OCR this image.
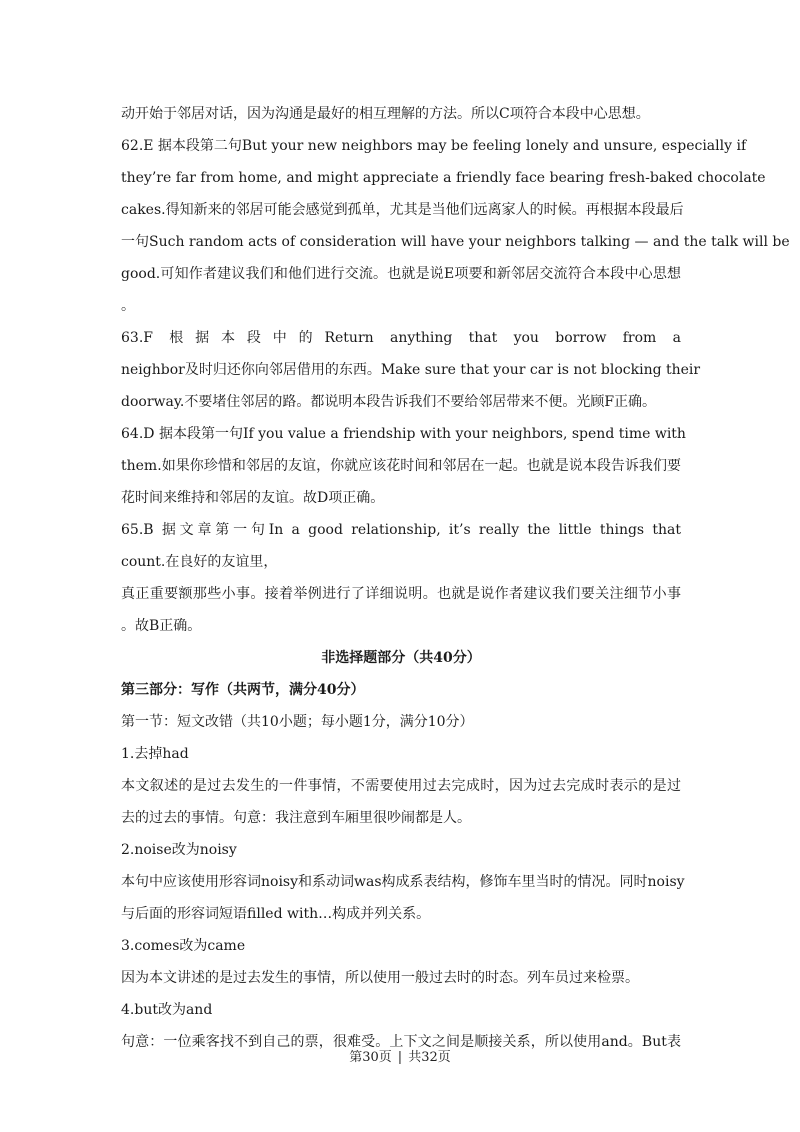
动开始于邻居对话，因为沟通是最好的相互理解的方法。所以C项符合本段中心思想。
62.E 据本段第二句But your new neighbors may be feeling lonely and unsure, especially if
they’re far from home, and might appreciate a friendly face bearing fresh-baked chocolate
cakes.得知新来的邻居可能会感觉到孤单，尤其是当他们远离家人的时候。再根据本段最后
一句Such random acts of consideration will have your neighbors talking — and the talk will be
good.可知作者建议我们和他们进行交流。也就是说E项要和新邻居交流符合本段中心思想
。
63.F 根据本段中的Return anything that you borrow from a
neighbor及时归还你向邻居借用的东西。Make sure that your car is not blocking their
doorway.不要堵住邻居的路。都说明本段告诉我们不要给邻居带来不便。光顾F正确。
64.D 据本段第一句If you value a friendship with your neighbors, spend time with
them.如果你珍惜和邻居的友谊，你就应该花时间和邻居在一起。也就是说本段告诉我们要
花时间来维持和邻居的友谊。故D项正确。
65.B 据文章第一句In a good relationship, it’s really the little things that
count.在良好的友谊里，
真正重要额那些小事。接着举例进行了详细说明。也就是说作者建议我们要关注细节小事
。故B正确。
非选择题部分（共40分）
第三部分：写作（共两节，满分40分）
第一节：短文改错（共10小题；每小题1分，满分10分）
1.去掉had
本文叙述的是过去发生的一件事情，不需要使用过去完成时，因为过去完成时表示的是过
去的过去的事情。句意：我注意到车厢里很吵闹都是人。
2.noise改为noisy
本句中应该使用形容词noisy和系动词was构成系表结构，修饰车里当时的情况。同时noisy
与后面的形容词短语filled with…构成并列关系。
3.comes改为came
因为本文讲述的是过去发生的事情，所以使用一般过去时的时态。列车员过来检票。
4.but改为and
句意：一位乘客找不到自己的票，很难受。上下文之间是顺接关系，所以使用and。But表
第30页 | 共32页
